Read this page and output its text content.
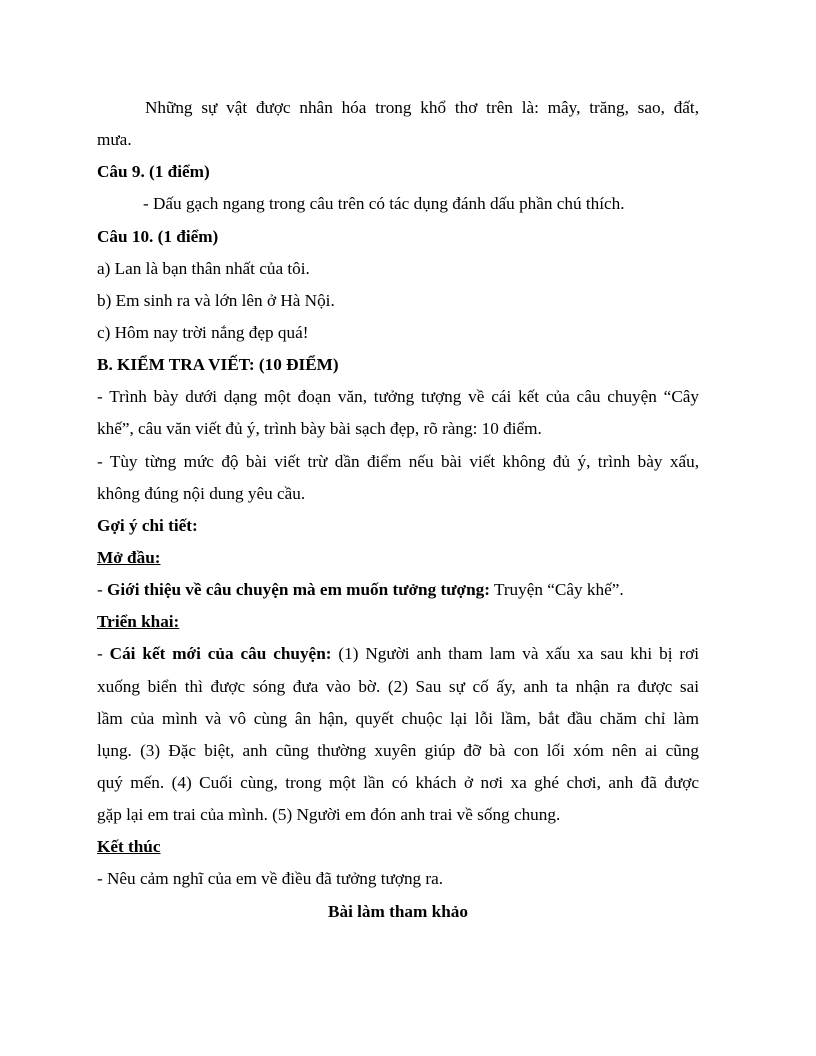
Những sự vật được nhân hóa trong khổ thơ trên là: mây, trăng, sao, đất,
mưa.
Câu 9. (1 điểm)
- Dấu gạch ngang trong câu trên có tác dụng đánh dấu phần chú thích.
Câu 10. (1 điểm)
a) Lan là bạn thân nhất của tôi.
b) Em sinh ra và lớn lên ở Hà Nội.
c) Hôm nay trời nắng đẹp quá!
B. KIỂM TRA VIẾT: (10 ĐIỂM)
- Trình bày dưới dạng một đoạn văn, tưởng tượng về cái kết của câu chuyện “Cây
khế”, câu văn viết đủ ý, trình bày bài sạch đẹp, rõ ràng: 10 điểm.
- Tùy từng mức độ bài viết trừ dần điểm nếu bài viết không đủ ý, trình bày xấu,
không đúng nội dung yêu cầu.
Gợi ý chi tiết:
Mở đầu:
- Giới thiệu về câu chuyện mà em muốn tưởng tượng: Truyện “Cây khế”.
Triển khai:
- Cái kết mới của câu chuyện: (1) Người anh tham lam và xấu xa sau khi bị rơi
xuống biển thì được sóng đưa vào bờ. (2) Sau sự cố ấy, anh ta nhận ra được sai
lầm của mình và vô cùng ân hận, quyết chuộc lại lỗi lầm, bắt đầu chăm chỉ làm
lụng. (3) Đặc biệt, anh cũng thường xuyên giúp đỡ bà con lối xóm nên ai cũng
quý mến. (4) Cuối cùng, trong một lần có khách ở nơi xa ghé chơi, anh đã được
gặp lại em trai của mình. (5) Người em đón anh trai về sống chung.
Kết thúc
- Nêu cảm nghĩ của em về điều đã tưởng tượng ra.
Bài làm tham khảo
